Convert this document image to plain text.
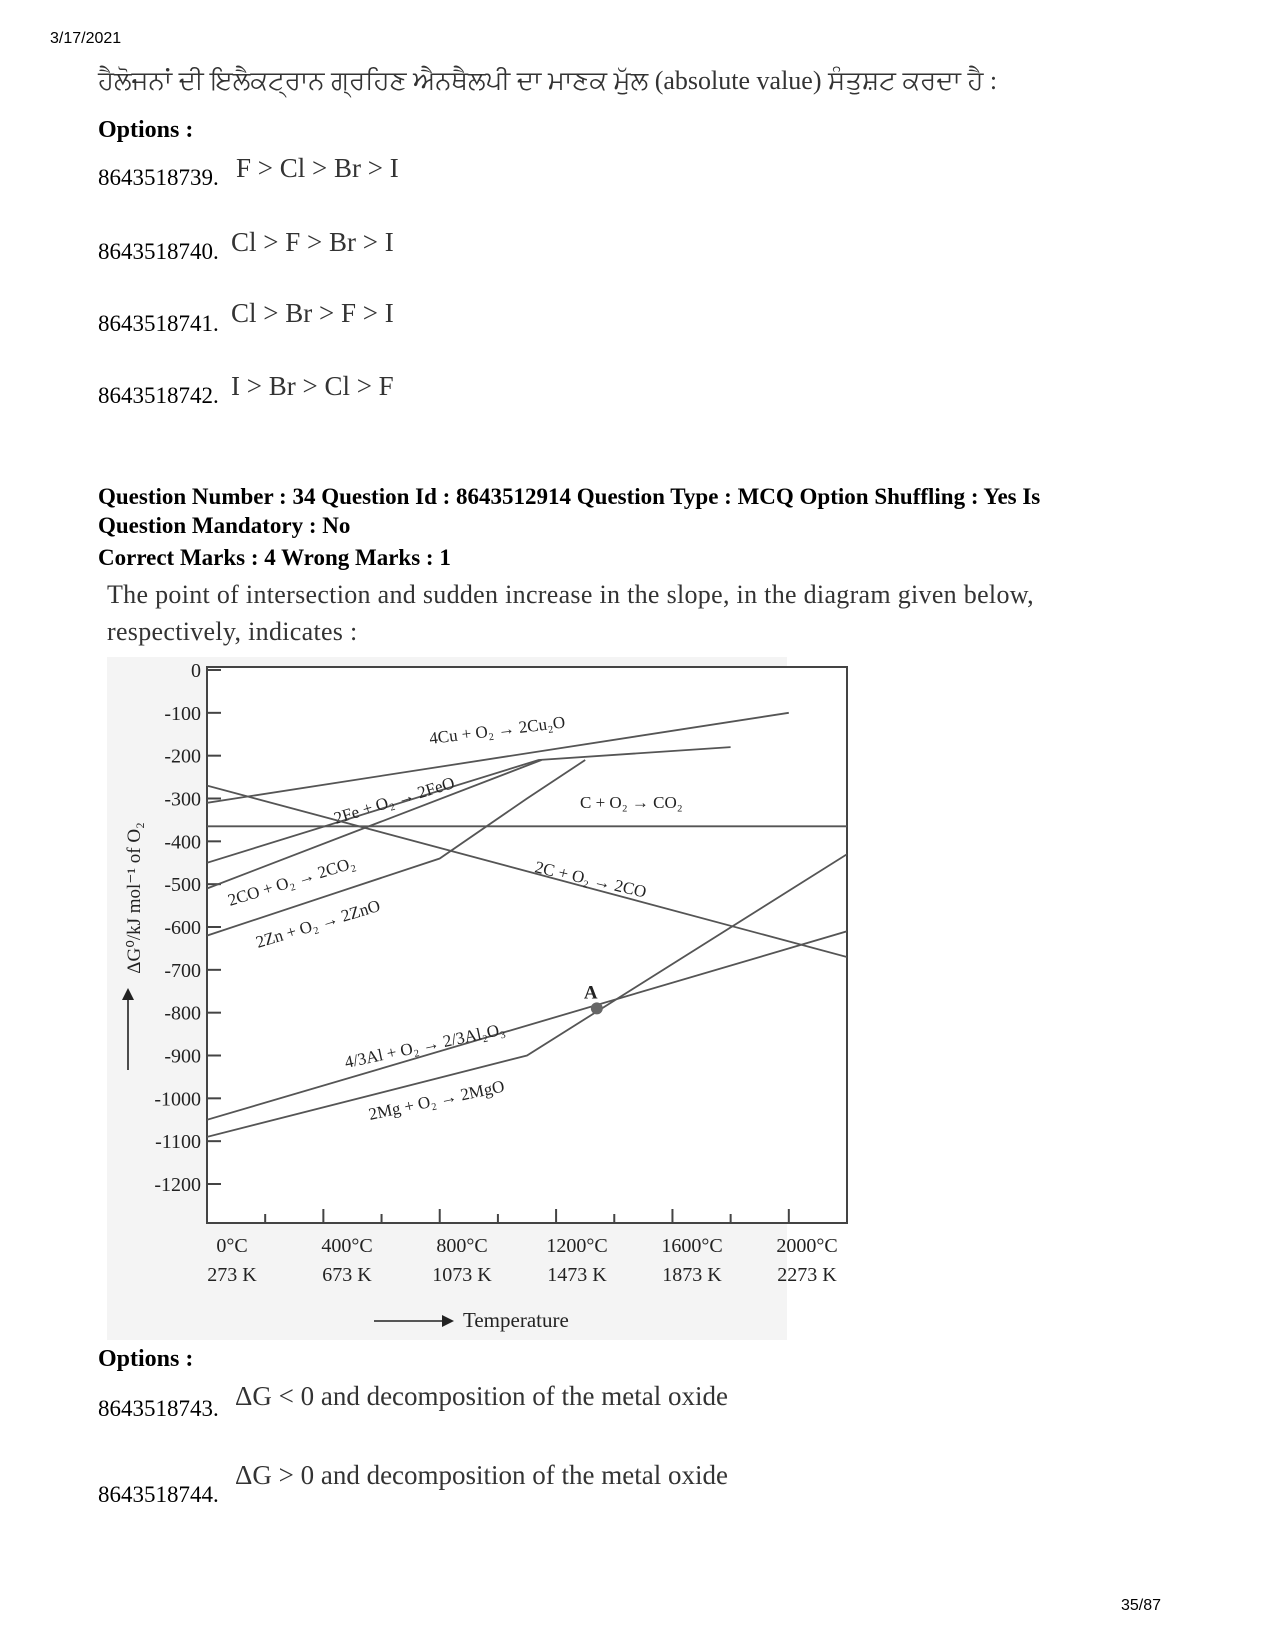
3/17/2021
35/87
ਹੈਲੋਜਨਾਂ ਦੀ ਇਲੈਕਟ੍ਰਾਨ ਗ੍ਰਹਿਣ ਐਨਥੈਲਪੀ ਦਾ ਮਾਣਕ ਮੁੱਲ (absolute value) ਸੰਤੁਸ਼ਟ ਕਰਦਾ ਹੈ :
Options :
8643518739. F > Cl > Br > I
8643518740. Cl > F > Br > I
8643518741. Cl > Br > F > I
8643518742. I > Br > Cl > F
Question Number : 34 Question Id : 8643512914 Question Type : MCQ Option Shuffling : Yes Is
Question Mandatory : No
Correct Marks : 4 Wrong Marks : 1
The point of intersection and sudden increase in the slope, in the diagram given below,
respectively, indicates :
0
-100
-200
-300
-400
-500
-600
-700
-800
-900
-1000
-1100
-1200
0°C
273 K
400°C
673 K
800°C
1073 K
1200°C
1473 K
1600°C
1873 K
2000°C
2273 K
4Cu + O₂ → 2Cu₂O
2Fe + O₂ → 2FeO	C + O₂ → CO₂
2CO + O₂ → 2CO₂
2Zn + O₂ → 2ZnO
2C + O₂ → 2CO
4/3Al + O₂ → 2/3Al₂O₃
2Mg + O₂ → 2MgO
A
ΔG⁰/kJ mol⁻¹ of O₂
Temperature
Options :
8643518743. ΔG < 0 and decomposition of the metal oxide
8643518744.
ΔG > 0 and decomposition of the metal oxide
